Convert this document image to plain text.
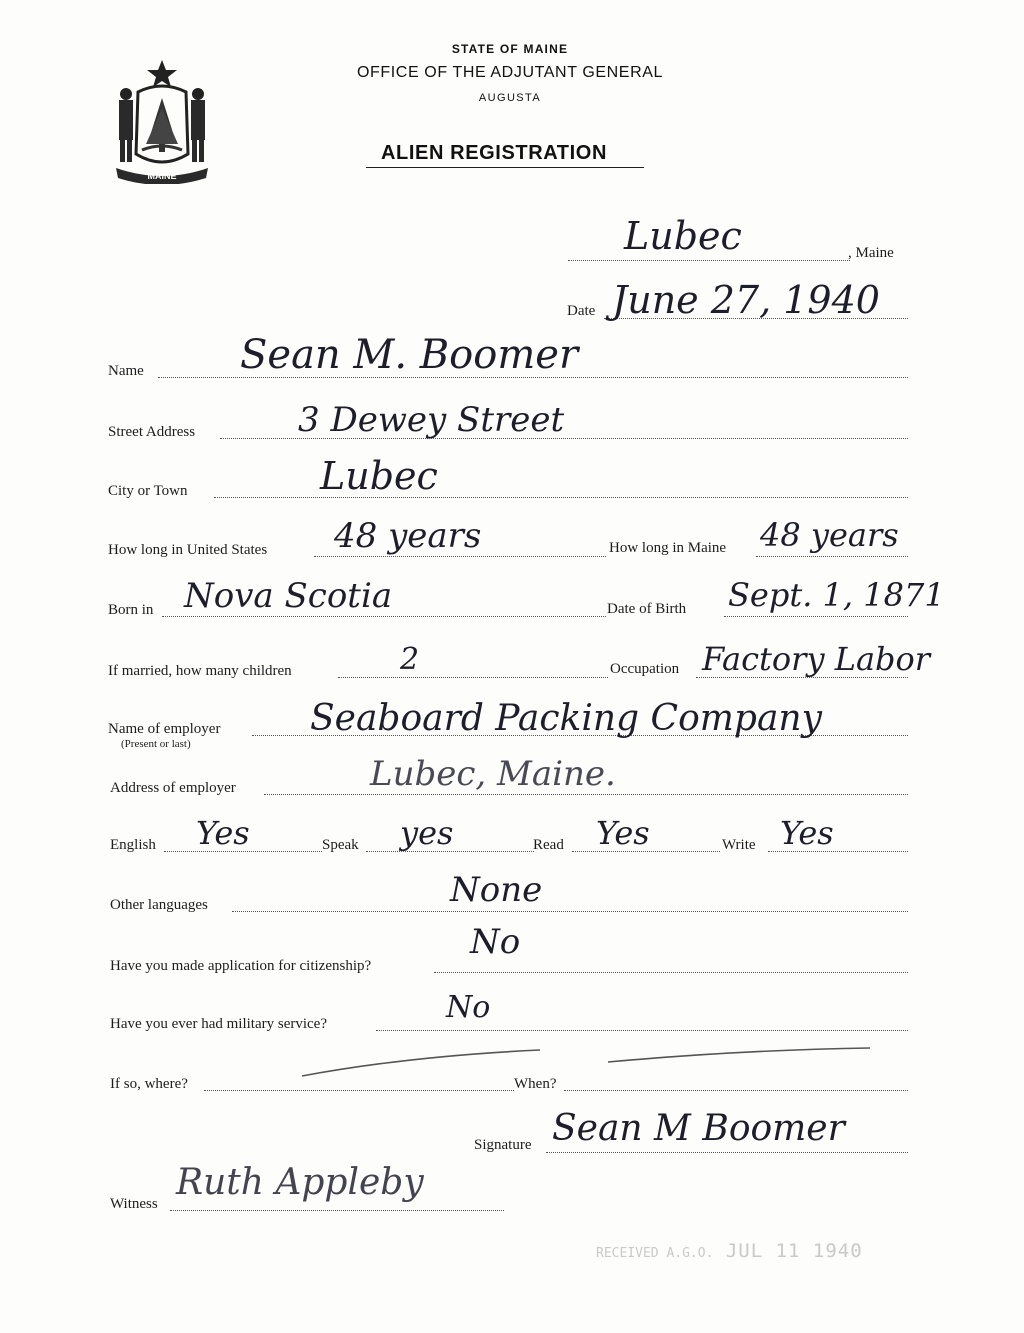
MAINE
STATE OF MAINE
OFFICE OF THE ADJUTANT GENERAL
AUGUSTA
ALIEN REGISTRATION
Lubec	, Maine
Date June 27, 1940
Name Sean M. Boomer
Street Address	3 Dewey Street
City or Town	Lubec
How long in United States 48 years	How long in Maine 48 years
Born in Nova Scotia	Date of Birth Sept. 1, 1871
If married, how many children	2	Occupation Factory Labor
Name of employer
(Present or last)
Seaboard Packing Company
Address of employer	Lubec, Maine.
English Yes	Speak yes	Read Yes	Write Yes
Other languages	None
Have you made application for citizenship?
No
Have you ever had military service?	No
If so, where?	When?
Signature Sean M Boomer
Witness
Ruth Appleby
RECEIVED A.G.O. JUL 11 1940
